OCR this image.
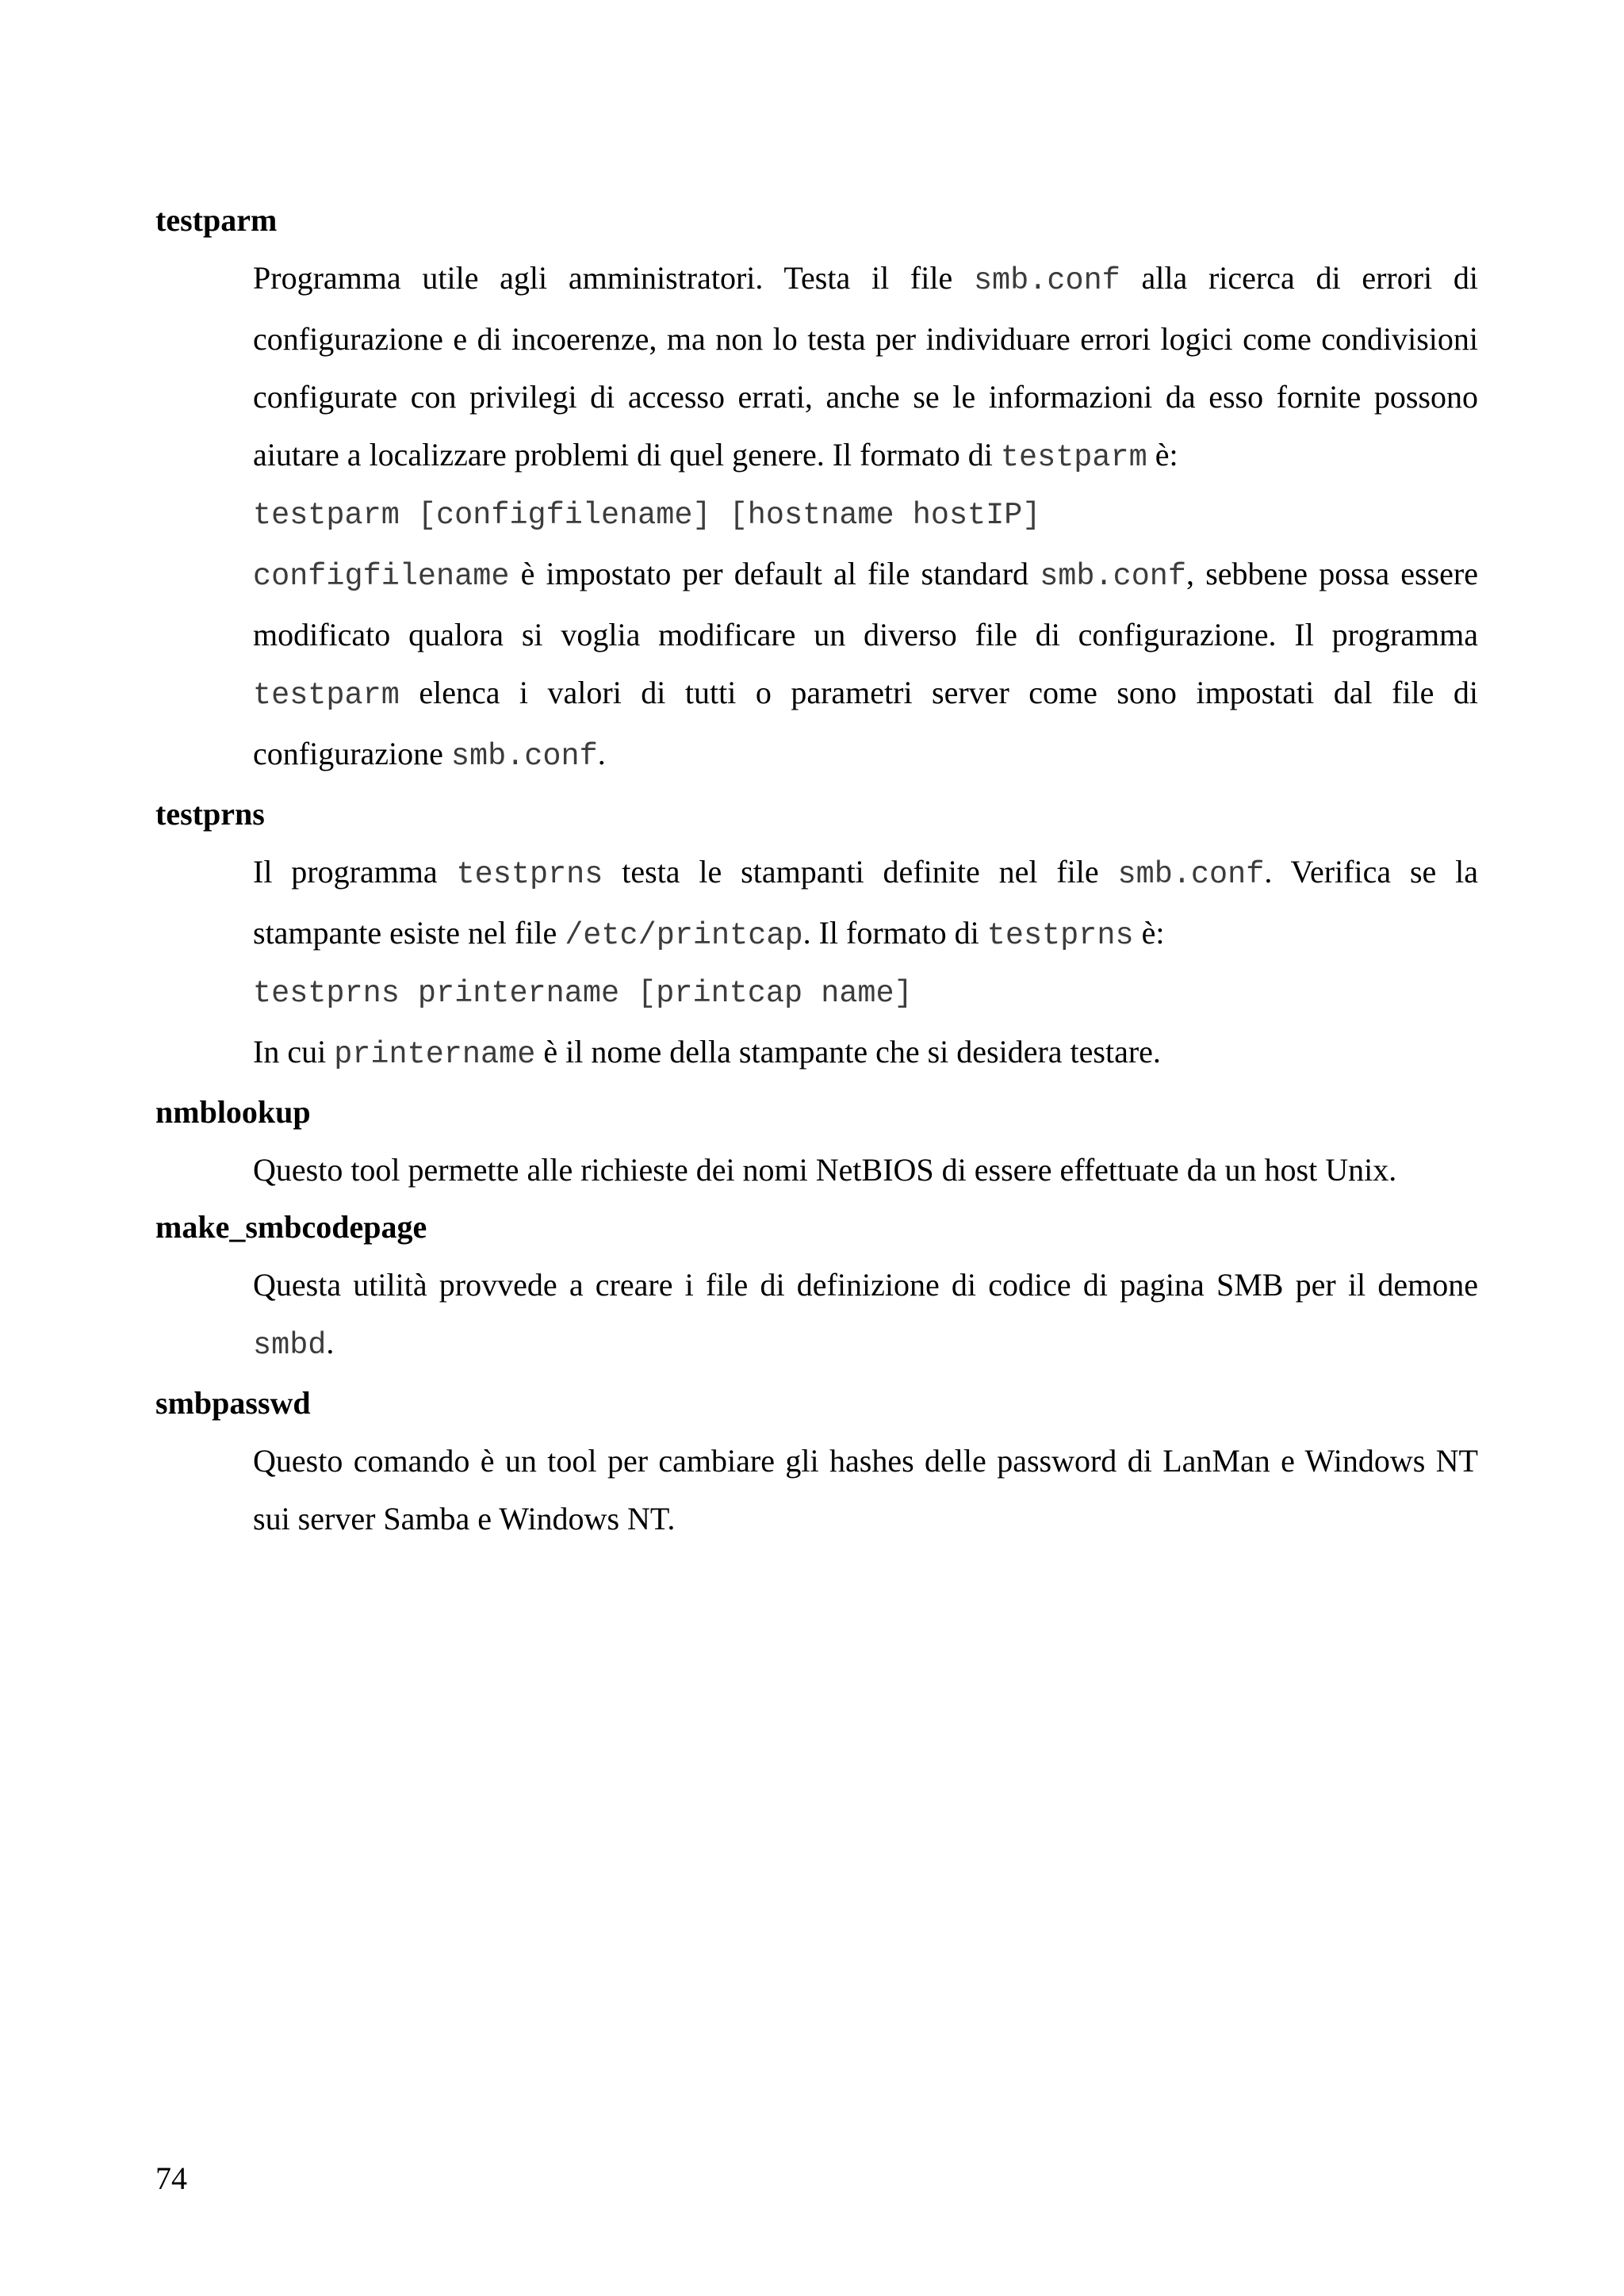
testparm

Programma utile agli amministratori. Testa il file smb.conf alla ricerca di errori di configurazione e di incoerenze, ma non lo testa per individuare errori logici come condivisioni configurate con privilegi di accesso errati, anche se le informazioni da esso fornite possono aiutare a localizzare problemi di quel genere. Il formato di testparm è:

testparm [configfilename] [hostname hostIP]

configfilename è impostato per default al file standard smb.conf, sebbene possa essere modificato qualora si voglia modificare un diverso file di configurazione. Il programma testparm elenca i valori di tutti o parametri server come sono impostati dal file di configurazione smb.conf.

testprns

Il programma testprns testa le stampanti definite nel file smb.conf. Verifica se la stampante esiste nel file /etc/printcap. Il formato di testprns è:

testprns printername [printcap name]

In cui printername è il nome della stampante che si desidera testare.

nmblookup

Questo tool permette alle richieste dei nomi NetBIOS di essere effettuate da un host Unix.

make_smbcodepage

Questa utilità provvede a creare i file di definizione di codice di pagina SMB per il demone smbd.

smbpasswd

Questo comando è un tool per cambiare gli hashes delle password di LanMan e Windows NT sui server Samba e Windows NT.

74
